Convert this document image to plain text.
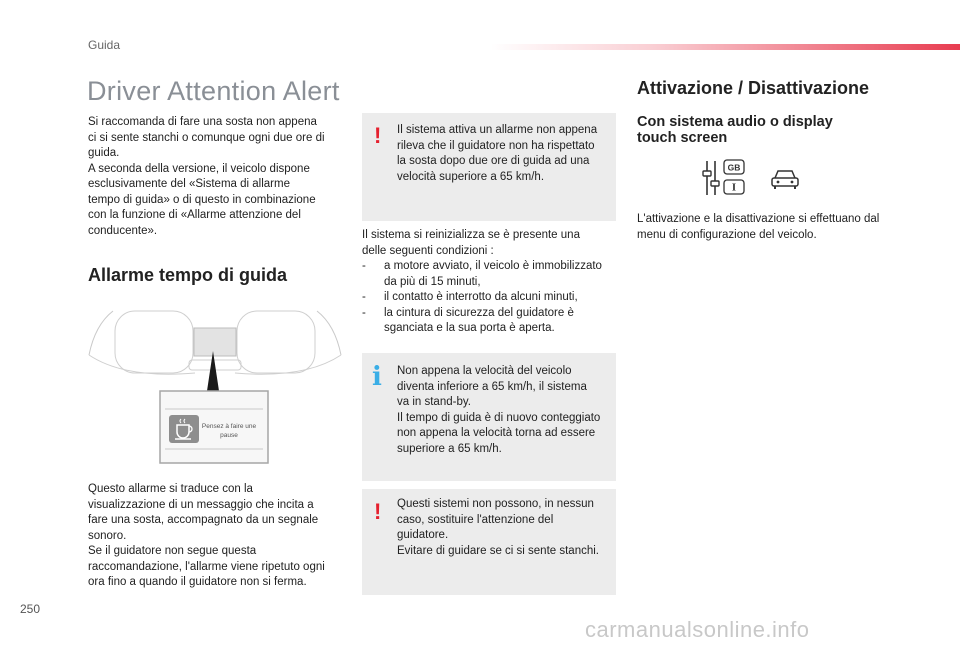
Guida
Driver Attention Alert
Si raccomanda di fare una sosta non appena
ci si sente stanchi o comunque ogni due ore di
guida.
A seconda della versione, il veicolo dispone
esclusivamente del «Sistema di allarme
tempo di guida» o di questo in combinazione
con la funzione di «Allarme attenzione del
conducente».
Allarme tempo di guida
Pensez à faire une
pause
Questo allarme si traduce con la
visualizzazione di un messaggio che incita a
fare una sosta, accompagnato da un segnale
sonoro.
Se il guidatore non segue questa
raccomandazione, l'allarme viene ripetuto ogni
ora fino a quando il guidatore non si ferma.
! Il sistema attiva un allarme non appena
rileva che il guidatore non ha rispettato
la sosta dopo due ore di guida ad una
velocità superiore a 65 km/h.
Il sistema si reinizializza se è presente una
delle seguenti condizioni :
-	a motore avviato, il veicolo è immobilizzato
da più di 15 minuti,
-	il contatto è interrotto da alcuni minuti,
-	la cintura di sicurezza del guidatore è
sganciata e la sua porta è aperta.
i Non appena la velocità del veicolo
diventa inferiore a 65 km/h, il sistema
va in stand-by.
Il tempo di guida è di nuovo conteggiato
non appena la velocità torna ad essere
superiore a 65 km/h.
! Questi sistemi non possono, in nessun
caso, sostituire l'attenzione del
guidatore.
Evitare di guidare se ci si sente stanchi.
Attivazione / Disattivazione
Con sistema audio o display
touch screen
GB
I
L'attivazione e la disattivazione si effettuano dal
menu di configurazione del veicolo.
250
carmanualsonline.info
